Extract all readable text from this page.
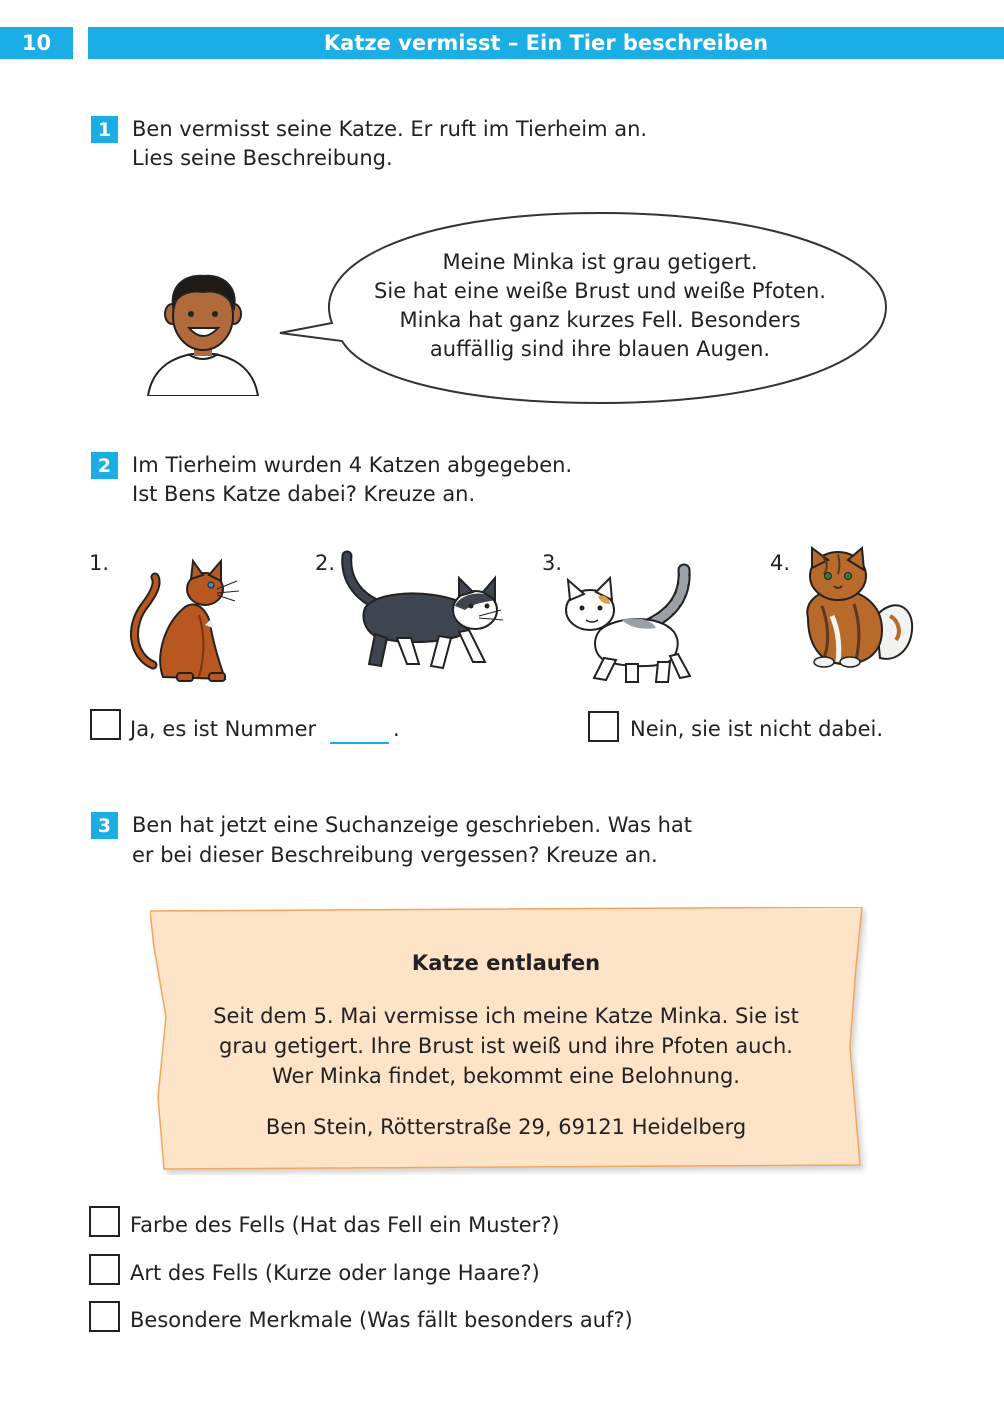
10	Katze vermisst – Ein Tier beschreiben
1 Ben vermisst seine Katze. Er ruft im Tierheim an.
Lies seine Beschreibung.
Meine Minka ist grau getigert.
Sie hat eine weiße Brust und weiße Pfoten.
Minka hat ganz kurzes Fell. Besonders
auffällig sind ihre blauen Augen.
2 Im Tierheim wurden 4 Katzen abgegeben.
Ist Bens Katze dabei? Kreuze an.
1.	2.	3.	4.
Ja, es ist Nummer	.	Nein, sie ist nicht dabei.
3 Ben hat jetzt eine Suchanzeige geschrieben. Was hat
er bei dieser Beschreibung vergessen? Kreuze an.
Katze entlaufen
Seit dem 5. Mai vermisse ich meine Katze Minka. Sie ist
grau getigert. Ihre Brust ist weiß und ihre Pfoten auch.
Wer Minka findet, bekommt eine Belohnung.
Ben Stein, Rötterstraße 29, 69121 Heidelberg
Farbe des Fells (Hat das Fell ein Muster?)
Art des Fells (Kurze oder lange Haare?)
Besondere Merkmale (Was fällt besonders auf?)
